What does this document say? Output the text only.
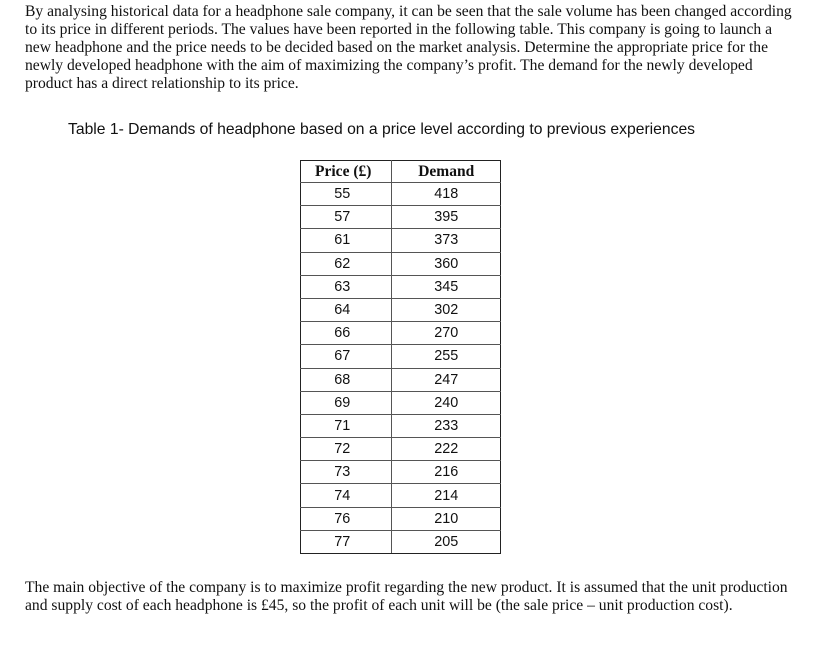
By analysing historical data for a headphone sale company, it can be seen that the sale volume has been changed according to its price in different periods. The values have been reported in the following table. This company is going to launch a new headphone and the price needs to be decided based on the market analysis. Determine the appropriate price for the newly developed headphone with the aim of maximizing the company’s profit. The demand for the newly developed product has a direct relationship to its price.

Table 1- Demands of headphone based on a price level according to previous experiences
Price (£)	Demand
55	418
57	395
61	373
62	360
63	345
64	302
66	270
67	255
68	247
69	240
71	233
72	222
73	216
74	214
76	210
77	205

The main objective of the company is to maximize profit regarding the new product. It is assumed that the unit production and supply cost of each headphone is £45, so the profit of each unit will be (the sale price – unit production cost).
